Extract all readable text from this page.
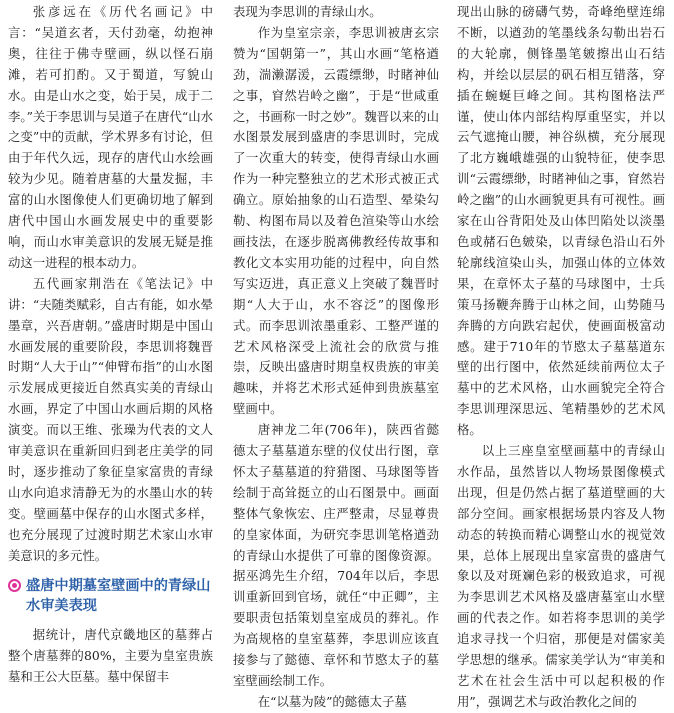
张彦远在《历代名画记》中言：“吴道玄者，天付劲毫，幼抱神奥，往往于佛寺壁画，纵以怪石崩滩，若可扪酌。又于蜀道，写貌山水。由是山水之变，始于吴，成于二李。”关于李思训与吴道子在唐代“山水之变”中的贡献，学术界多有讨论，但由于年代久远，现存的唐代山水绘画较为少见。随着唐墓的大量发掘，丰富的山水图像使人们更确切地了解到唐代中国山水画发展史中的重要影响，而山水审美意识的发展无疑是推动这一进程的根本动力。

五代画家荆浩在《笔法记》中讲：“夫随类赋彩，自古有能，如水晕墨章，兴吾唐朝。”盛唐时期是中国山水画发展的重要阶段，李思训将魏晋时期“人大于山”“伸臂布指”的山水图示发展成更接近自然真实美的青绿山水画，界定了中国山水画后期的风格演变。而以王维、张璪为代表的文人审美意识在重新回归到老庄美学的同时，逐步推动了象征皇家富贵的青绿山水向追求清静无为的水墨山水的转变。壁画墓中保存的山水图式多样，也充分展现了过渡时期艺术家山水审美意识的多元性。

盛唐中期墓室壁画中的青绿山水审美表现

据统计，唐代京畿地区的墓葬占整个唐墓葬的80%，主要为皇室贵族墓和王公大臣墓。墓中保留丰

表现为李思训的青绿山水。

作为皇室宗亲，李思训被唐玄宗赞为“国朝第一”，其山水画“笔格遒劲，湍濑潺湲，云霞缥缈，时睹神仙之事，窅然岩岭之幽”，于是“世咸重之，书画称一时之妙”。魏晋以来的山水图景发展到盛唐的李思训时，完成了一次重大的转变，使得青绿山水画作为一种完整独立的艺术形式被正式确立。原始抽象的山石造型、晕染勾勒、构图布局以及着色渲染等山水绘画技法，在逐步脱离佛教经传故事和教化文本实用功能的过程中，向自然写实迈进，真正意义上突破了魏晋时期“人大于山，水不容泛”的图像形式。而李思训浓墨重彩、工整严谨的艺术风格深受上流社会的欣赏与推崇，反映出盛唐时期皇权贵族的审美趣味，并将艺术形式延伸到贵族墓室壁画中。

唐神龙二年(706年)，陕西省懿德太子墓墓道东壁的仪仗出行图，章怀太子墓墓道的狩猎图、马球图等皆绘制于高耸挺立的山石图景中。画面整体气象恢宏、庄严整肃，尽显尊贵的皇家体面，为研究李思训笔格遒劲的青绿山水提供了可靠的图像资源。据巫鸿先生介绍，704年以后，李思训重新回到官场，就任“中正卿”，主要职责包括策划皇室成员的葬礼。作为高规格的皇室墓葬，李思训应该直接参与了懿德、章怀和节愍太子的墓室壁画绘制工作。

在“以墓为陵”的懿德太子墓

现出山脉的磅礴气势，奇峰绝壁连绵不断，以遒劲的笔墨线条勾勒出岩石的大轮廓，侧锋墨笔皴擦出山石结构，并绘以层层的矾石相互错落，穿插在蜿蜒巨峰之间。其构图格法严谨，使山体内部结构厚重坚实，并以云气遮掩山腰，神谷纵横，充分展现了北方巍峨雄强的山貌特征，使李思训“云霞缥缈，时睹神仙之事，窅然岩岭之幽”的山水画貌更具有可视性。画家在山谷背阳处及山体凹陷处以淡墨色或赭石色皴染，以青绿色沿山石外轮廓线渲染山头，加强山体的立体效果，在章怀太子墓的马球图中，士兵策马扬鞭奔腾于山林之间，山势随马奔腾的方向跌宕起伏，使画面极富动感。建于710年的节愍太子墓墓道东壁的出行图中，依然延续前两位太子墓中的艺术风格，山水画貌完全符合李思训理深思远、笔精墨妙的艺术风格。

以上三座皇室壁画墓中的青绿山水作品，虽然皆以人物场景图像模式出现，但是仍然占据了墓道壁画的大部分空间。画家根据场景内容及人物动态的转换而精心调整山水的视觉效果，总体上展现出皇家富贵的盛唐气象以及对斑斓色彩的极致追求，可视为李思训艺术风格及盛唐墓室山水壁画的代表之作。如若将李思训的美学追求寻找一个归宿，那便是对儒家美学思想的继承。儒家美学认为“审美和艺术在社会生活中可以起积极的作用”，强调艺术与政治教化之间的
